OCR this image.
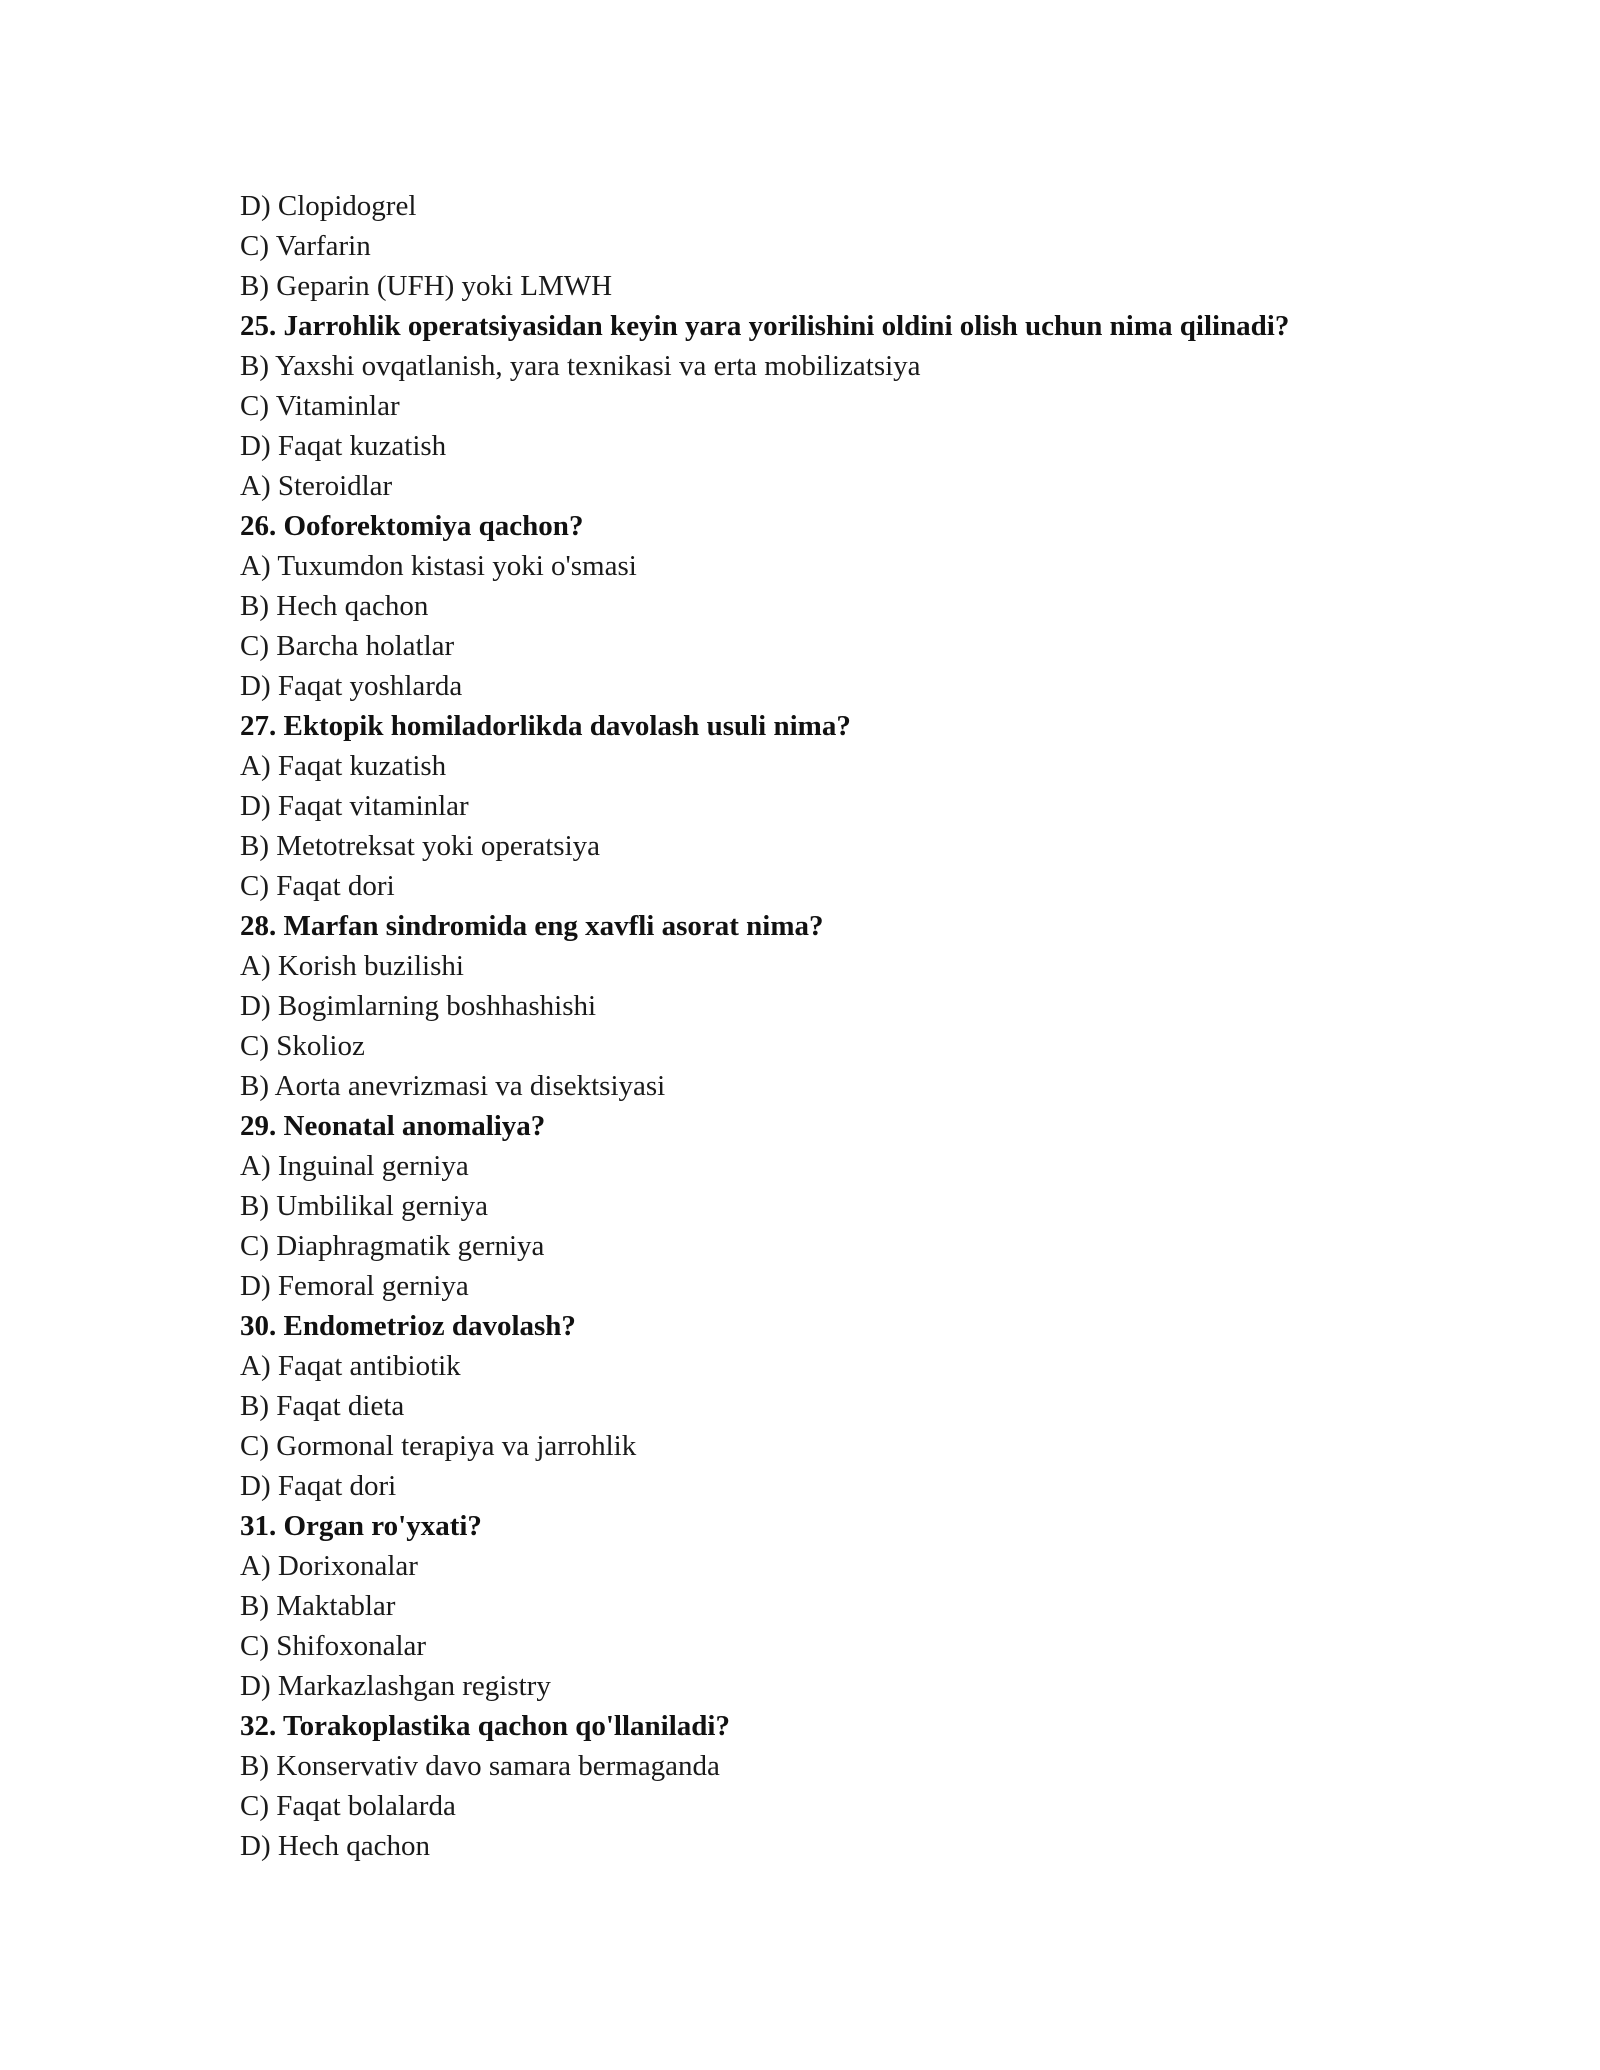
D) Clopidogrel
C) Varfarin
B) Geparin (UFH) yoki LMWH
25. Jarrohlik operatsiyasidan keyin yara yorilishini oldini olish uchun nima qilinadi?
B) Yaxshi ovqatlanish, yara texnikasi va erta mobilizatsiya
C) Vitaminlar
D) Faqat kuzatish
A) Steroidlar
26. Ooforektomiya qachon?
A) Tuxumdon kistasi yoki o'smasi
B) Hech qachon
C) Barcha holatlar
D) Faqat yoshlarda
27. Ektopik homiladorlikda davolash usuli nima?
A) Faqat kuzatish
D) Faqat vitaminlar
B) Metotreksat yoki operatsiya
C) Faqat dori
28. Marfan sindromida eng xavfli asorat nima?
A) Korish buzilishi
D) Bogimlarning boshhashishi
C) Skolioz
B) Aorta anevrizmasi va disektsiyasi
29. Neonatal anomaliya?
A) Inguinal gerniya
B) Umbilikal gerniya
C) Diaphragmatik gerniya
D) Femoral gerniya
30. Endometrioz davolash?
A) Faqat antibiotik
B) Faqat dieta
C) Gormonal terapiya va jarrohlik
D) Faqat dori
31. Organ ro'yxati?
A) Dorixonalar
B) Maktablar
C) Shifoxonalar
D) Markazlashgan registry
32. Torakoplastika qachon qo'llaniladi?
B) Konservativ davo samara bermaganda
C) Faqat bolalarda
D) Hech qachon
